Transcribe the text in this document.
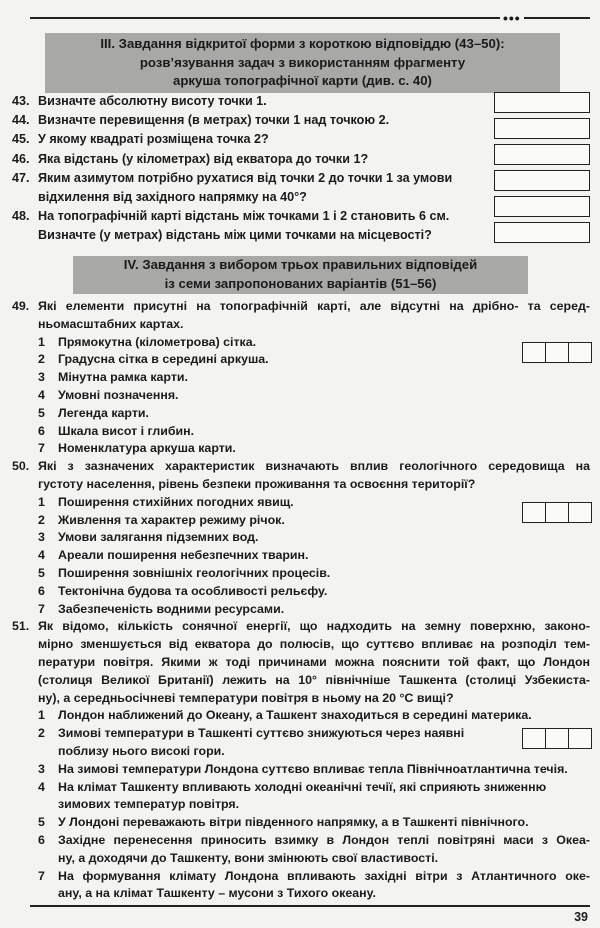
•••
ІІІ. Завдання відкритої форми з короткою відповіддю (43–50):
розв’язування задач з використанням фрагменту
аркуша топографічної карти (див. с. 40)
43. Визначте абсолютну висоту точки 1.
44. Визначте перевищення (в метрах) точки 1 над точкою 2.
45. У якому квадраті розміщена точка 2?
46. Яка відстань (у кілометрах) від екватора до точки 1?
47. Яким азимутом потрібно рухатися від точки 2 до точки 1 за умови
відхилення від західного напрямку на 40°?
48. На топографічній карті відстань між точками 1 і 2 становить 6 см.
Визначте (у метрах) відстань між цими точками на місцевості?
IV. Завдання з вибором трьох правильних відповідей
із семи запропонованих варіантів (51–56)
49. Які елементи присутні на топографічній карті, але відсутні на дрібно- та серед-
ньомасштабних картах.
1 Прямокутна (кілометрова) сітка.
2 Градусна сітка в середині аркуша.
3 Мінутна рамка карти.
4 Умовні позначення.
5 Легенда карти.
6 Шкала висот і глибин.
7 Номенклатура аркуша карти.
50. Які з зазначених характеристик визначають вплив геологічного середовища на
густоту населення, рівень безпеки проживання та освоєння території?
1 Поширення стихійних погодних явищ.
2 Живлення та характер режиму річок.
3 Умови залягання підземних вод.
4 Ареали поширення небезпечних тварин.
5 Поширення зовнішніх геологічних процесів.
6 Тектонічна будова та особливості рельєфу.
7 Забезпеченість водними ресурсами.
51. Як відомо, кількість сонячної енергії, що надходить на земну поверхню, законо-
мірно зменшується від екватора до полюсів, що суттєво впливає на розподіл тем-
ператури повітря. Якими ж тоді причинами можна пояснити той факт, що Лондон
(столиця Великої Британії) лежить на 10° північніше Ташкента (столиці Узбекиста-
ну), а середньосічневі температури повітря в ньому на 20 °C вищі?
1 Лондон наближений до Океану, а Ташкент знаходиться в середині материка.
2 Зимові температури в Ташкенті суттєво знижуються через наявні
поблизу нього високі гори.
3 На зимові температури Лондона суттєво впливає тепла Північноатлантична течія.
4 На клімат Ташкенту впливають холодні океанічні течії, які сприяють зниженню
зимових температур повітря.
5 У Лондоні переважають вітри південного напрямку, а в Ташкенті північного.
6 Західне перенесення приносить взимку в Лондон теплі повітряні маси з Океа-
ну, а доходячи до Ташкенту, вони змінюють свої властивості.
7 На формування клімату Лондона впливають західні вітри з Атлантичного оке-
ану, а на клімат Ташкенту – мусони з Тихого океану.
39
